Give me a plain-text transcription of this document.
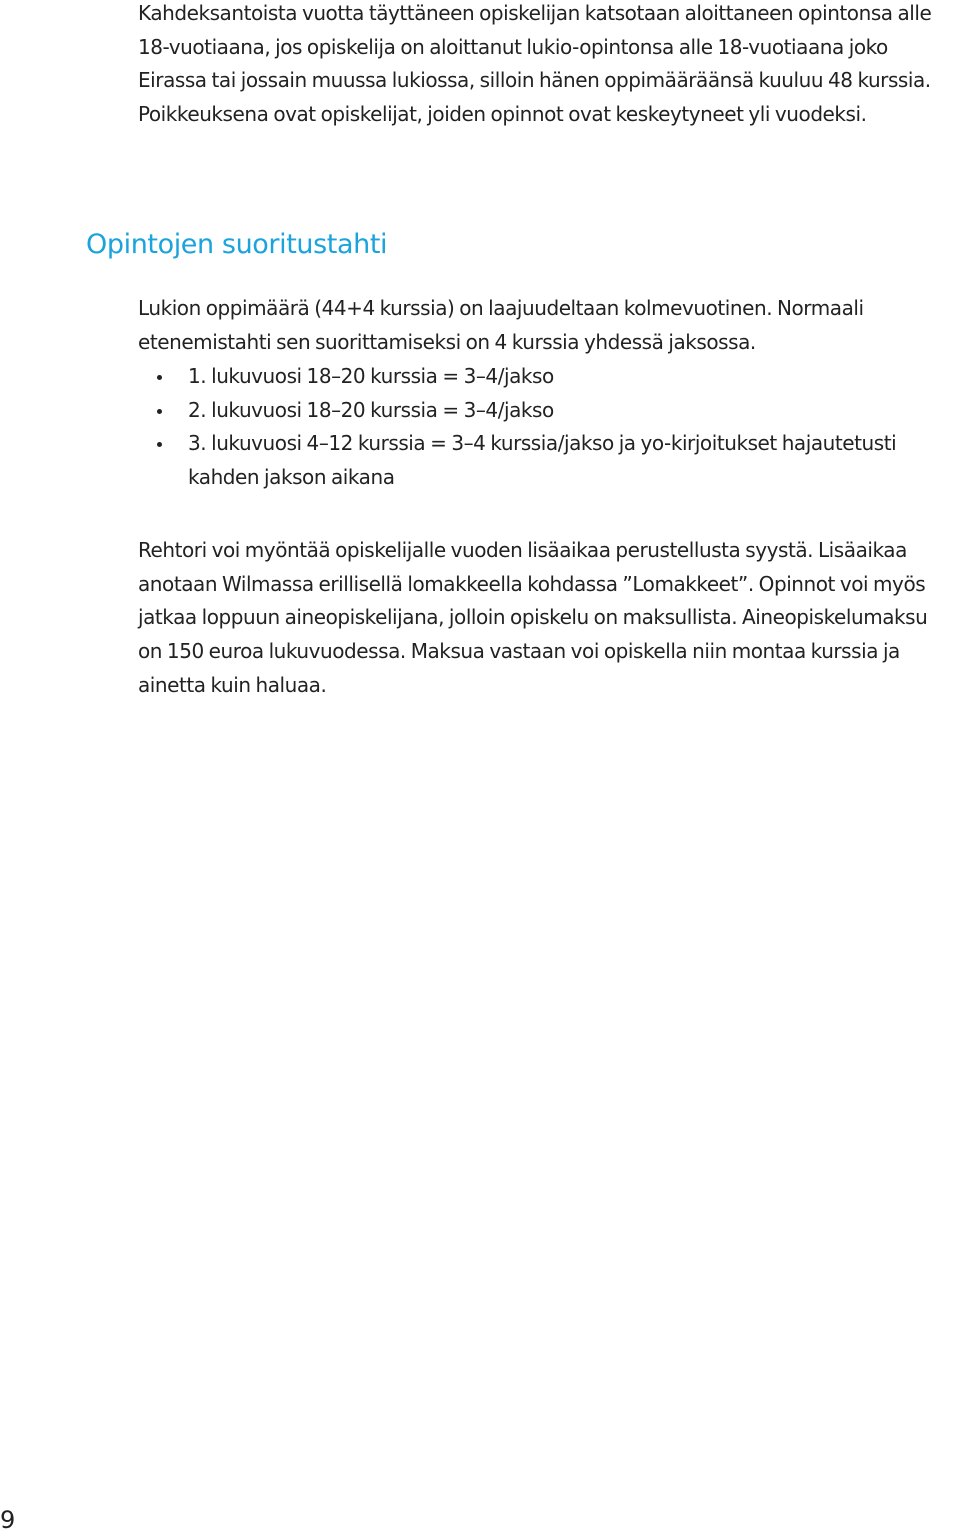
Kahdeksantoista vuotta täyttäneen opiskelijan katsotaan aloittaneen opintonsa alle 18-vuotiaana, jos opiskelija on aloittanut lukio-opintonsa alle 18-vuotiaana joko Eirassa tai jossain muussa lukiossa, silloin hänen oppimääräänsä kuuluu 48 kurssia. Poikkeuksena ovat opiskelijat, joiden opinnot ovat keskeytyneet yli vuodeksi.

Opintojen suoritustahti

Lukion oppimäärä (44+4 kurssia) on laajuudeltaan kolmevuotinen. Normaali etenemistahti sen suorittamiseksi on 4 kurssia yhdessä jaksossa.

1. lukuvuosi 18–20 kurssia = 3–4/jakso
2. lukuvuosi 18–20 kurssia = 3–4/jakso
3. lukuvuosi 4–12 kurssia = 3–4 kurssia/jakso ja yo-kirjoitukset hajautetusti kahden jakson aikana

Rehtori voi myöntää opiskelijalle vuoden lisäaikaa perustellusta syystä. Lisäaikaa anotaan Wilmassa erillisellä lomakkeella kohdassa ”Lomakkeet”. Opinnot voi myös jatkaa loppuun aineopiskelijana, jolloin opiskelu on maksullista. Aineopiskelumaksu on 150 euroa lukuvuodessa. Maksua vastaan voi opiskella niin montaa kurssia ja ainetta kuin haluaa.

9
